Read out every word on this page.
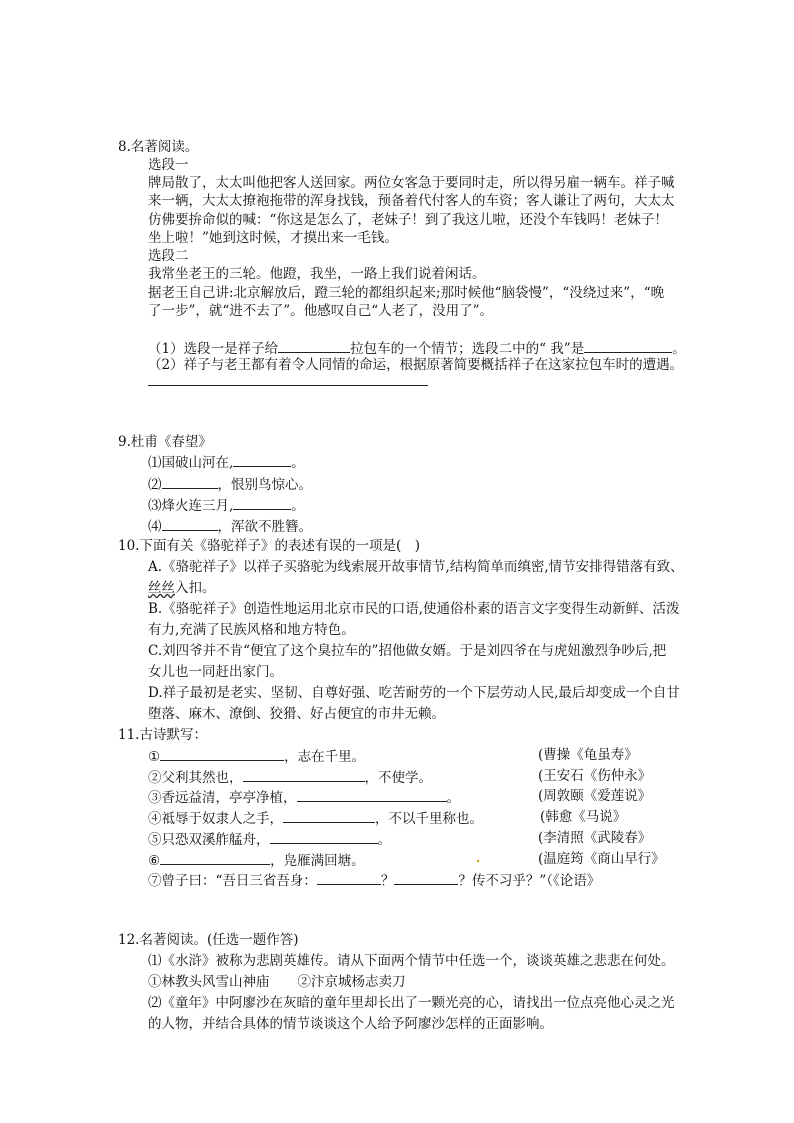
8.名著阅读。
选段一
牌局散了，太太叫他把客人送回家。两位女客急于要同时走，所以得另雇一辆车。祥子喊
来一辆，大太太撩袍拖带的浑身找钱，预备着代付客人的车资；客人谦让了两句，大太太
仿佛要拚命似的喊：“你这是怎么了，老妹子！到了我这儿啦，还没个车钱吗！老妹子！
坐上啦！”她到这时候，才摸出来一毛钱。
选段二
我常坐老王的三轮。他蹬，我坐，一路上我们说着闲话。
据老王自己讲:北京解放后，蹬三轮的都组织起来;那时候他“脑袋慢”，“没绕过来”，“晚
了一步”，就“进不去了”。他感叹自己“人老了，没用了”。
（1）选段一是祥子给	拉包车的一个情节；选段二中的“ 我”是	。
（2）祥子与老王都有着令人同情的命运，根据原著简要概括祥子在这家拉包车时的遭遇。
9.杜甫《春望》
⑴国破山河在,	。
⑵	，恨别鸟惊心。
⑶烽火连三月,	。
⑷	，浑欲不胜簪。
10.下面有关《骆驼祥子》的表述有误的一项是(　)
A.《骆驼祥子》以祥子买骆驼为线索展开故事情节,结构简单而缜密,情节安排得错落有致、
丝丝入扣。
B.《骆驼祥子》创造性地运用北京市民的口语,使通俗朴素的语言文字变得生动新鲜、活泼
有力,充满了民族风格和地方特色。
C.刘四爷并不肯“便宜了这个臭拉车的”招他做女婿。于是刘四爷在与虎妞激烈争吵后,把
女儿也一同赶出家门。
D.祥子最初是老实、坚韧、自尊好强、吃苦耐劳的一个下层劳动人民,最后却变成一个自甘
堕落、麻木、潦倒、狡猾、好占便宜的市井无赖。
11.古诗默写：
①	，志在千里。	(曹操《龟虽寿》
②父利其然也，	，不使学。	(王安石《伤仲永》
③香远益清，亭亭净植，	。	(周敦颐《爱莲说》
④祗辱于奴隶人之手，	，不以千里称也。	(韩愈《马说》
⑤只恐双溪舴艋舟，	。	(李清照《武陵春》
⑥	，凫雁满回塘。	(温庭筠《商山早行》
⑦曾子曰：“吾日三省吾身：	？	？传不习乎？”（《论语》
12.名著阅读。(任选一题作答)
⑴《水浒》被称为悲剧英雄传。请从下面两个情节中任选一个，谈谈英雄之悲悲在何处。
①林教头风雪山神庙 ②汴京城杨志卖刀
⑵《童年》中阿廖沙在灰暗的童年里却长出了一颗光亮的心，请找出一位点亮他心灵之光
的人物，并结合具体的情节谈谈这个人给予阿廖沙怎样的正面影响。
